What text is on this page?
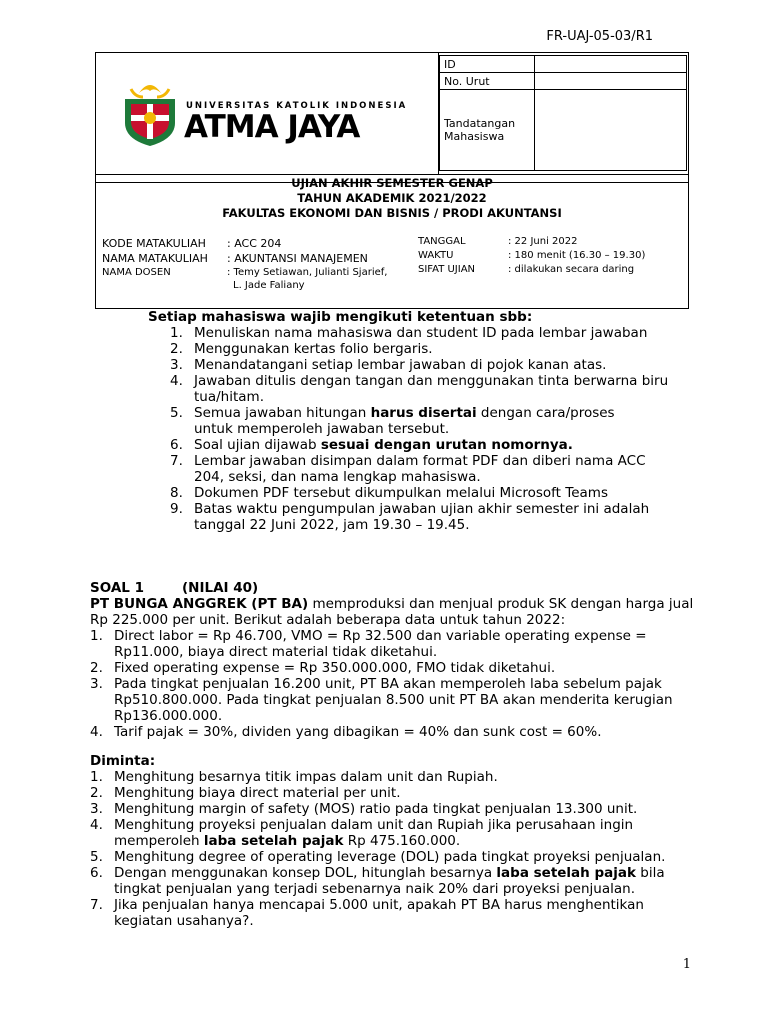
FR-UAJ-05-03/R1
UNIVERSITAS KATOLIK INDONESIA
ATMA JAYA
ID	
No. Urut	
Tandatangan
Mahasiswa	
UJIAN AKHIR SEMESTER GENAP
TAHUN AKADEMIK 2021/2022
FAKULTAS EKONOMI DAN BISNIS / PRODI AKUNTANSI
KODE MATAKULIAH : ACC 204
NAMA MATAKULIAH : AKUNTANSI MANAJEMEN
NAMA DOSEN	: Temy Setiawan, Julianti Sjarief,
L. Jade Faliany
TANGGAL	: 22 Juni 2022
WAKTU	: 180 menit (16.30 – 19.30)
SIFAT UJIAN	: dilakukan secara daring
Setiap mahasiswa wajib mengikuti ketentuan sbb:
1. Menuliskan nama mahasiswa dan student ID pada lembar jawaban
2. Menggunakan kertas folio bergaris.
3. Menandatangani setiap lembar jawaban di pojok kanan atas.
4. Jawaban ditulis dengan tangan dan menggunakan tinta berwarna biru
tua/hitam.
5. Semua jawaban hitungan harus disertai dengan cara/proses
untuk memperoleh jawaban tersebut.
6. Soal ujian dijawab sesuai dengan urutan nomornya.
7. Lembar jawaban disimpan dalam format PDF dan diberi nama ACC
204, seksi, dan nama lengkap mahasiswa.
8. Dokumen PDF tersebut dikumpulkan melalui Microsoft Teams
9. Batas waktu pengumpulan jawaban ujian akhir semester ini adalah
tanggal 22 Juni 2022, jam 19.30 – 19.45.
SOAL 1	(NILAI 40)
PT BUNGA ANGGREK (PT BA) memproduksi dan menjual produk SK dengan harga jual
Rp 225.000 per unit. Berikut adalah beberapa data untuk tahun 2022:
1. Direct labor = Rp 46.700, VMO = Rp 32.500 dan variable operating expense =
Rp11.000, biaya direct material tidak diketahui.
2. Fixed operating expense = Rp 350.000.000, FMO tidak diketahui.
3. Pada tingkat penjualan 16.200 unit, PT BA akan memperoleh laba sebelum pajak
Rp510.800.000. Pada tingkat penjualan 8.500 unit PT BA akan menderita kerugian
Rp136.000.000.
4. Tarif pajak = 30%, dividen yang dibagikan = 40% dan sunk cost = 60%.
Diminta:
1. Menghitung besarnya titik impas dalam unit dan Rupiah.
2. Menghitung biaya direct material per unit.
3. Menghitung margin of safety (MOS) ratio pada tingkat penjualan 13.300 unit.
4. Menghitung proyeksi penjualan dalam unit dan Rupiah jika perusahaan ingin
memperoleh laba setelah pajak Rp 475.160.000.
5. Menghitung degree of operating leverage (DOL) pada tingkat proyeksi penjualan.
6. Dengan menggunakan konsep DOL, hitunglah besarnya laba setelah pajak bila
tingkat penjualan yang terjadi sebenarnya naik 20% dari proyeksi penjualan.
7. Jika penjualan hanya mencapai 5.000 unit, apakah PT BA harus menghentikan
kegiatan usahanya?.
1
